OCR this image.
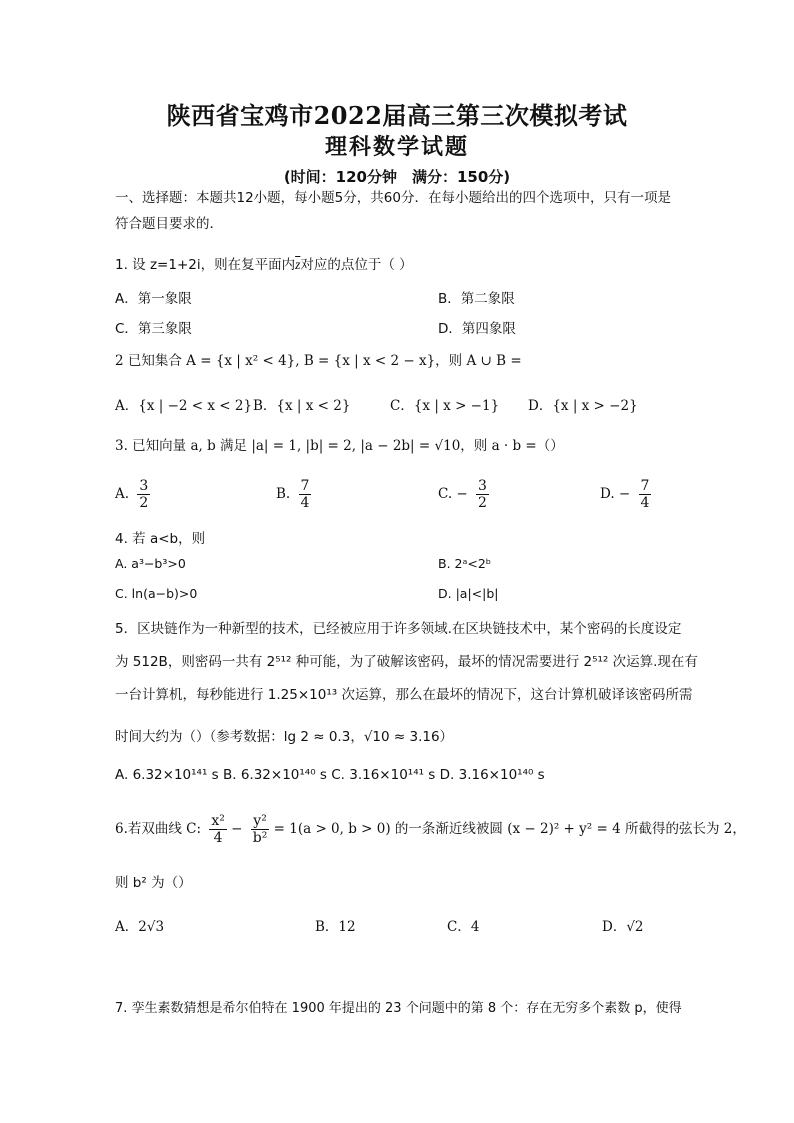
陕西省宝鸡市2022届高三第三次模拟考试
理科数学试题
(时间：120分钟　满分：150分)
一、选择题：本题共12小题，每小题5分，共60分．在每小题给出的四个选项中，只有一项是
符合题目要求的．
1. 设 z=1+2i，则在复平面内$\overline{z}$对应的点位于（ ）
A．第一象限	B．第二象限
C．第三象限	D．第四象限
2 已知集合 A = {x | x² < 4}, B = {x | x < 2 − x}，则 A ∪ B =
A．{x | −2 < x < 2} B．{x | x < 2}	C．{x | x > −1} D．{x | x > −2}
3. 已知向量 a, b 满足 |a| = 1, |b| = 2, |a − 2b| = √10，则 a · b =（）
A. $\frac{3}{2}$	B. $\frac{7}{4}$	C. − $\frac{3}{2}$	D. − $\frac{7}{4}$
4. 若 a<b，则
A. a³−b³>0	B. 2ᵃ<2ᵇ
C. ln(a−b)>0	D. |a|<|b|
5．区块链作为一种新型的技术，已经被应用于许多领域.在区块链技术中，某个密码的长度设定
为 512B，则密码一共有 2⁵¹² 种可能，为了破解该密码，最坏的情况需要进行 2⁵¹² 次运算.现在有
一台计算机，每秒能进行 1.25×10¹³ 次运算，那么在最坏的情况下，这台计算机破译该密码所需
时间大约为（）（参考数据：lg 2 ≈ 0.3，√10 ≈ 3.16）
A. 6.32×10¹⁴¹ s B. 6.32×10¹⁴⁰ s C. 3.16×10¹⁴¹ s D. 3.16×10¹⁴⁰ s
6.若双曲线 C: $\frac{\text{x²}}{4} - \frac{\text{y²}}{\text{b²}} = 1(a > 0$, b > 0) 的一条渐近线被圆 (x − 2)² + y² = 4 所截得的弦长为 2，
则 b² 为（）
A．2√3	B．12	C．4	D．√2
7. 孪生素数猜想是希尔伯特在 1900 年提出的 23 个问题中的第 8 个：存在无穷多个素数 p，使得
